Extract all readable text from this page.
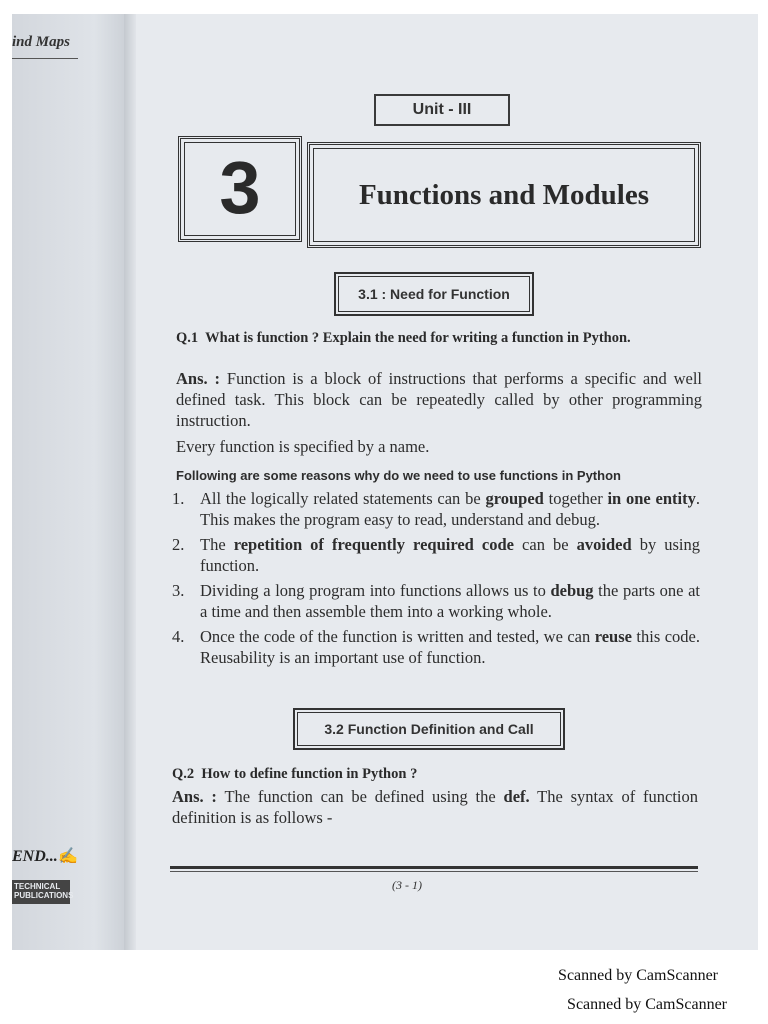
ind Maps
END... ✍
TECHNICAL
PUBLICATIONS
Unit - III
3	Functions and Modules
3.1 : Need for Function
Q.1 What is function ? Explain the need for writing a function in Python.
Ans. : Function is a block of instructions that performs a specific and well defined task. This block can be repeatedly called by other programming instruction.
Every function is specified by a name.
Following are some reasons why do we need to use functions in Python
1. All the logically related statements can be grouped together in one entity. This makes the program easy to read, understand and debug.
2. The repetition of frequently required code can be avoided by using function.
3. Dividing a long program into functions allows us to debug the parts one at a time and then assemble them into a working whole.
4. Once the code of the function is written and tested, we can reuse this code. Reusability is an important use of function.
3.2 Function Definition and Call
Q.2 How to define function in Python ?
Ans. : The function can be defined using the def. The syntax of function definition is as follows -
(3 - 1)
Scanned by CamScanner
Scanned by CamScanner
